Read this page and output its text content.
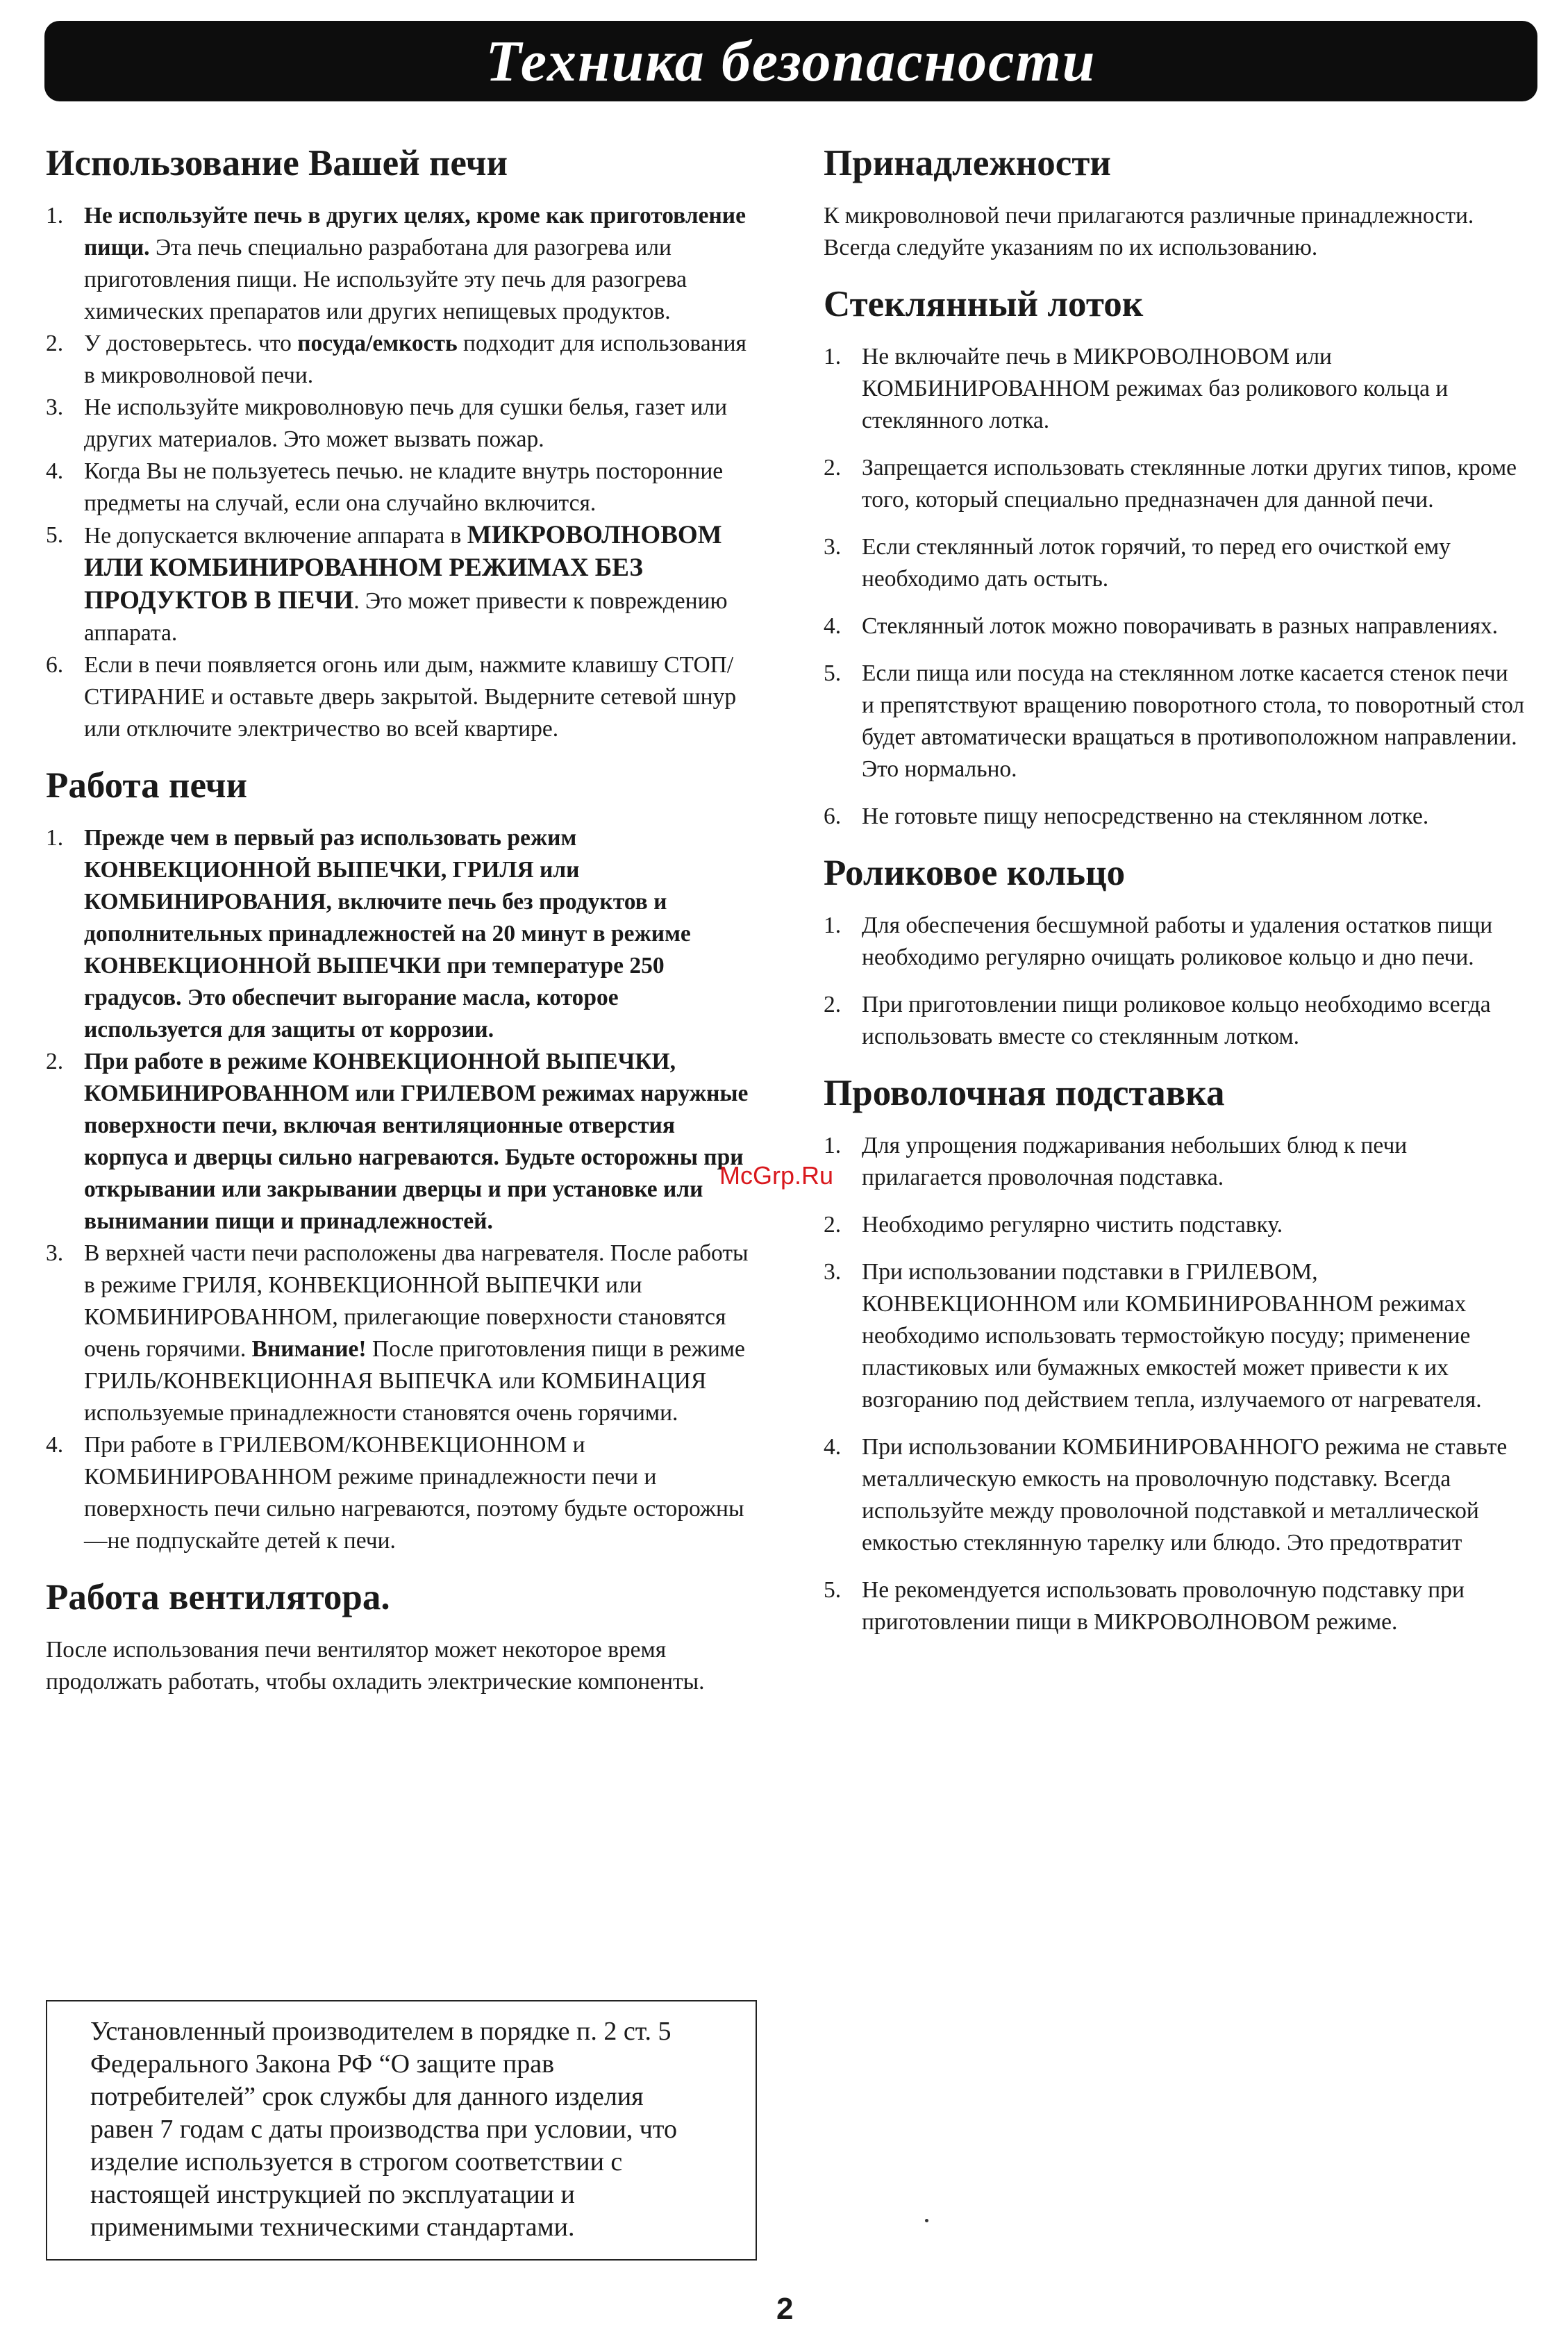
Техника безопасности
Использование Вашей печи
1. Не используйте печь в других целях, кроме как приготовление пищи. Эта печь специально разработана для разогрева или приготовления пищи. Не используйте эту печь для разогрева химических препаратов или других непищевых продуктов.
2. У достоверьтесь. что посуда/емкость подходит для использования в микроволновой печи.
3. Не используйте микроволновую печь для сушки белья, газет или других материалов. Это может вызвать пожар.
4. Когда Вы не пользуетесь печью. не кладите внутрь посторонние предметы на случай, если она случайно включится.
5. Не допускается включение аппарата в МИКРОВОЛНОВОМ ИЛИ КОМБИНИРОВАННОМ РЕЖИМАХ БЕЗ ПРОДУКТОВ В ПЕЧИ. Это может привести к повреждению аппарата.
6. Если в печи появляется огонь или дым, нажмите клавишу СТОП/СТИРАНИЕ и оставьте дверь закрытой. Выдерните сетевой шнур или отключите электричество во всей квартире.
Работа печи
1. Прежде чем в первый раз использовать режим КОНВЕКЦИОННОЙ ВЫПЕЧКИ, ГРИЛЯ или КОМБИНИРОВАНИЯ, включите печь без продуктов и дополнительных принадлежностей на 20 минут в режиме КОНВЕКЦИОННОЙ ВЫПЕЧКИ при температуре 250 градусов. Это обеспечит выгорание масла, которое используется для защиты от коррозии.
2. При работе в режиме КОНВЕКЦИОННОЙ ВЫПЕЧКИ, КОМБИНИРОВАННОМ или ГРИЛЕВОМ режимах наружные поверхности печи, включая вентиляционные отверстия корпуса и дверцы сильно нагреваются. Будьте осторожны при открывании или закрывании дверцы и при установке или вынимании пищи и принадлежностей.
3. В верхней части печи расположены два нагревателя. После работы в режиме ГРИЛЯ, КОНВЕКЦИОННОЙ ВЫПЕЧКИ или КОМБИНИРОВАННОМ, прилегающие поверхности становятся очень горячими. Внимание! После приготовления пищи в режиме ГРИЛЬ/КОНВЕКЦИОННАЯ ВЫПЕЧКА или КОМБИНАЦИЯ используемые принадлежности становятся очень горячими.
4. При работе в ГРИЛЕВОМ/КОНВЕКЦИОННОМ и КОМБИНИРОВАННОМ режиме принадлежности печи и поверхность печи сильно нагреваются, поэтому будьте осторожны—не подпускайте детей к печи.
Работа вентилятора.

После использования печи вентилятор может некоторое время продолжать работать, чтобы охладить электрические компоненты.

Установленный производителем в порядке п. 2 ст. 5 Федерального Закона РФ “О защите прав потребителей” срок службы для данного изделия равен 7 годам с даты производства при условии, что изделие используется в строгом соответствии с настоящей инструкцией по эксплуатации и применимыми техническими стандартами.
Принадлежности

К микроволновой печи прилагаются различные принадлежности. Всегда следуйте указаниям по их использованию.

Стеклянный лоток
1. Не включайте печь в МИКРОВОЛНОВОМ или КОМБИНИРОВАННОМ режимах баз роликового кольца и стеклянного лотка.
2. Запрещается использовать стеклянные лотки других типов, кроме того, который специально предназначен для данной печи.
3. Если стеклянный лоток горячий, то перед его очисткой ему необходимо дать остыть.
4. Стеклянный лоток можно поворачивать в разных направлениях.
5. Если пища или посуда на стеклянном лотке касается стенок печи и препятствуют вращению поворотного стола, то поворотный стол будет автоматически вращаться в противоположном направлении. Это нормально.
6. Не готовьте пищу непосредственно на стеклянном лотке.
Роликовое кольцо
1. Для обеспечения бесшумной работы и удаления остатков пищи необходимо регулярно очищать роликовое кольцо и дно печи.
2. При приготовлении пищи роликовое кольцо необходимо всегда использовать вместе со стеклянным лотком.
Проволочная подставка
1. Для упрощения поджаривания небольших блюд к печи прилагается проволочная подставка.
2. Необходимо регулярно чистить подставку.
3. При использовании подставки в ГРИЛЕВОМ, КОНВЕКЦИОННОМ или КОМБИНИРОВАННОМ режимах необходимо использовать термостойкую посуду; применение пластиковых или бумажных емкостей может привести к их возгоранию под действием тепла, излучаемого от нагревателя.
4. При использовании КОМБИНИРОВАННОГО режима не ставьте металлическую емкость на проволочную подставку. Всегда используйте между проволочной подставкой и металлической емкостью стеклянную тарелку или блюдо. Это предотвратит
5. Не рекомендуется использовать проволочную подставку при приготовлении пищи в МИКРОВОЛНОВОМ режиме.
McGrp.Ru
2
